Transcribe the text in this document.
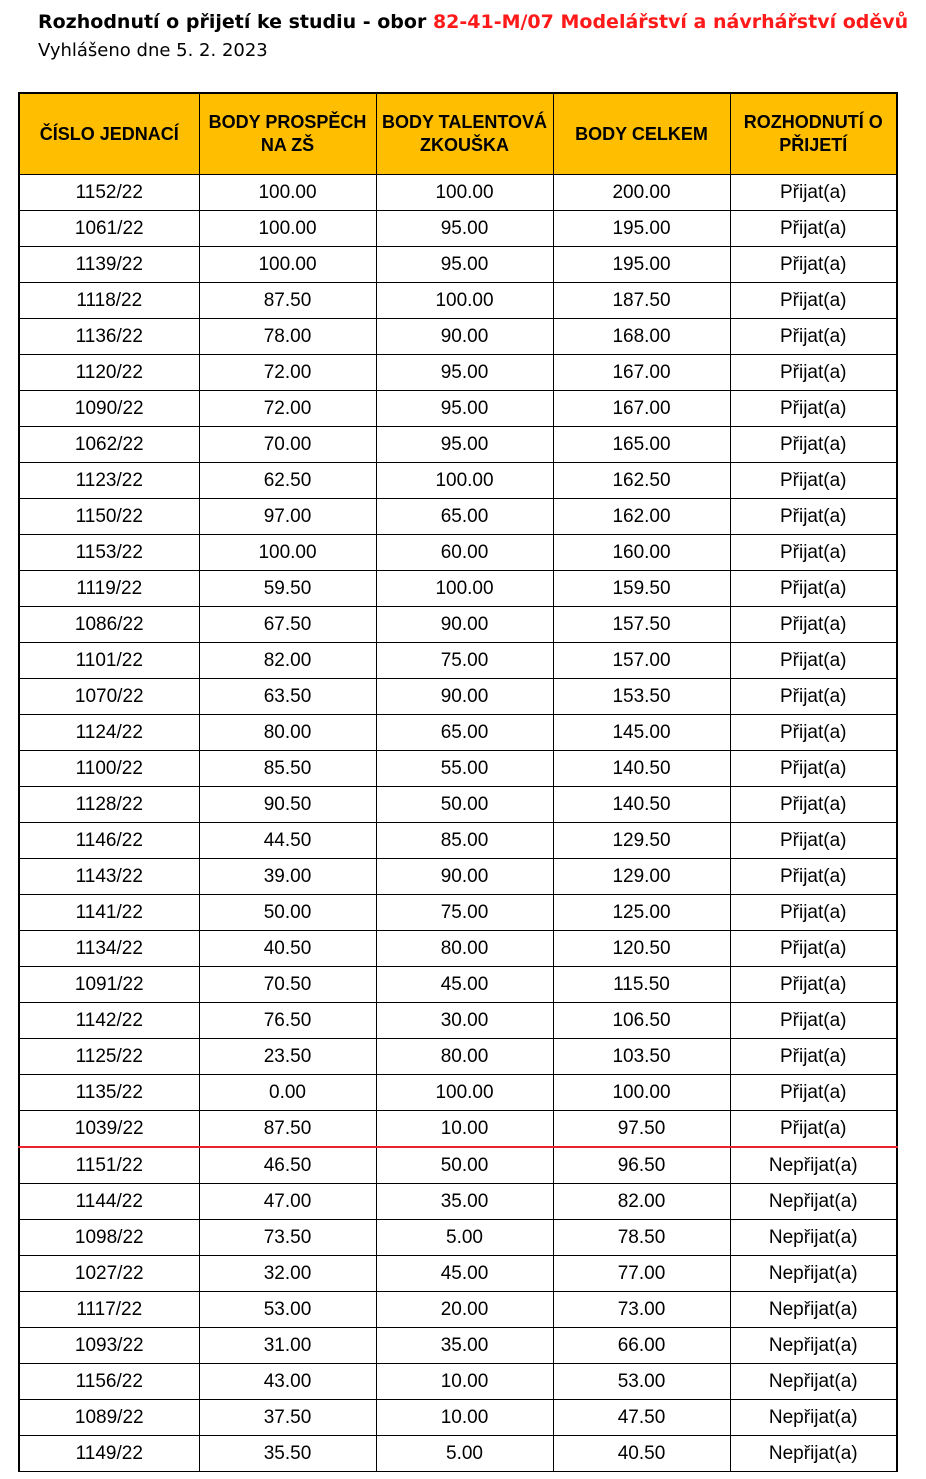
Rozhodnutí o přijetí ke studiu - obor 82-41-M/07 Modelářství a návrhářství oděvů
Vyhlášeno dne 5. 2. 2023
ČÍSLO JEDNACÍ	BODY PROSPĚCH NA ZŠ	BODY TALENTOVÁ ZKOUŠKA	BODY CELKEM	ROZHODNUTÍ O PŘIJETÍ
1152/22	100.00	100.00	200.00	Přijat(a)
1061/22	100.00	95.00	195.00	Přijat(a)
1139/22	100.00	95.00	195.00	Přijat(a)
1118/22	87.50	100.00	187.50	Přijat(a)
1136/22	78.00	90.00	168.00	Přijat(a)
1120/22	72.00	95.00	167.00	Přijat(a)
1090/22	72.00	95.00	167.00	Přijat(a)
1062/22	70.00	95.00	165.00	Přijat(a)
1123/22	62.50	100.00	162.50	Přijat(a)
1150/22	97.00	65.00	162.00	Přijat(a)
1153/22	100.00	60.00	160.00	Přijat(a)
1119/22	59.50	100.00	159.50	Přijat(a)
1086/22	67.50	90.00	157.50	Přijat(a)
1101/22	82.00	75.00	157.00	Přijat(a)
1070/22	63.50	90.00	153.50	Přijat(a)
1124/22	80.00	65.00	145.00	Přijat(a)
1100/22	85.50	55.00	140.50	Přijat(a)
1128/22	90.50	50.00	140.50	Přijat(a)
1146/22	44.50	85.00	129.50	Přijat(a)
1143/22	39.00	90.00	129.00	Přijat(a)
1141/22	50.00	75.00	125.00	Přijat(a)
1134/22	40.50	80.00	120.50	Přijat(a)
1091/22	70.50	45.00	115.50	Přijat(a)
1142/22	76.50	30.00	106.50	Přijat(a)
1125/22	23.50	80.00	103.50	Přijat(a)
1135/22	0.00	100.00	100.00	Přijat(a)
1039/22	87.50	10.00	97.50	Přijat(a)
1151/22	46.50	50.00	96.50	Nepřijat(a)
1144/22	47.00	35.00	82.00	Nepřijat(a)
1098/22	73.50	5.00	78.50	Nepřijat(a)
1027/22	32.00	45.00	77.00	Nepřijat(a)
1117/22	53.00	20.00	73.00	Nepřijat(a)
1093/22	31.00	35.00	66.00	Nepřijat(a)
1156/22	43.00	10.00	53.00	Nepřijat(a)
1089/22	37.50	10.00	47.50	Nepřijat(a)
1149/22	35.50	5.00	40.50	Nepřijat(a)
